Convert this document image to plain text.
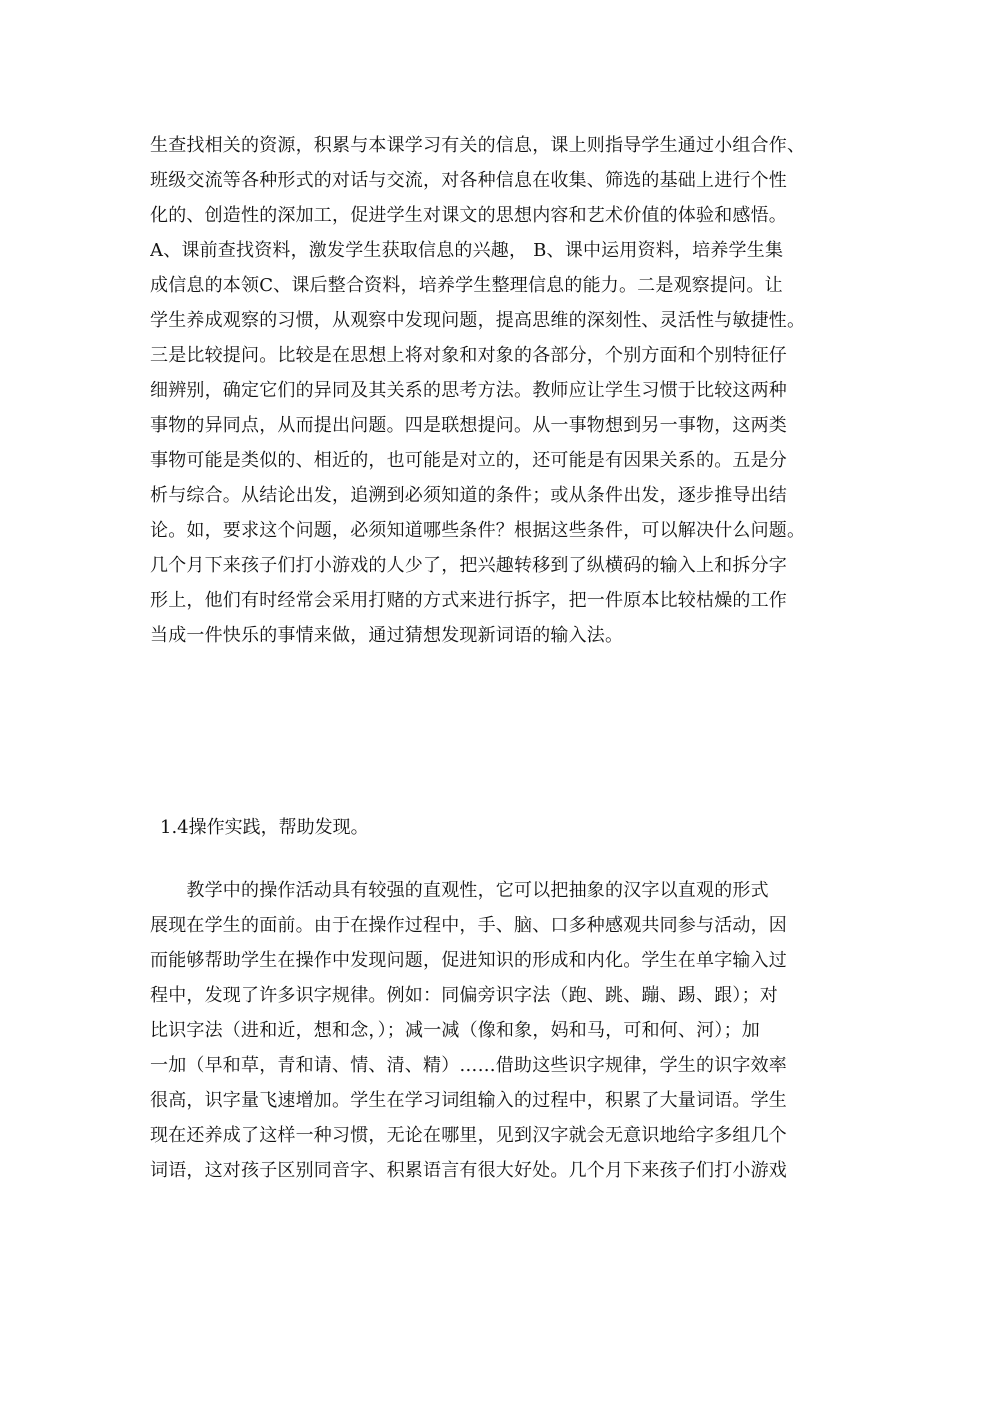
生查找相关的资源，积累与本课学习有关的信息，课上则指导学生通过小组合作、
班级交流等各种形式的对话与交流，对各种信息在收集、筛选的基础上进行个性
化的、创造性的深加工，促进学生对课文的思想内容和艺术价值的体验和感悟。
A、课前查找资料，激发学生获取信息的兴趣， B、课中运用资料，培养学生集
成信息的本领C、课后整合资料，培养学生整理信息的能力。二是观察提问。让
学生养成观察的习惯，从观察中发现问题，提高思维的深刻性、灵活性与敏捷性。
三是比较提问。比较是在思想上将对象和对象的各部分，个别方面和个别特征仔
细辨别，确定它们的异同及其关系的思考方法。教师应让学生习惯于比较这两种
事物的异同点，从而提出问题。四是联想提问。从一事物想到另一事物，这两类
事物可能是类似的、相近的，也可能是对立的，还可能是有因果关系的。五是分
析与综合。从结论出发，追溯到必须知道的条件；或从条件出发，逐步推导出结
论。如，要求这个问题，必须知道哪些条件？根据这些条件，可以解决什么问题。
几个月下来孩子们打小游戏的人少了，把兴趣转移到了纵横码的输入上和拆分字
形上，他们有时经常会采用打赌的方式来进行拆字，把一件原本比较枯燥的工作
当成一件快乐的事情来做，通过猜想发现新词语的输入法。
1.4操作实践，帮助发现。
　　教学中的操作活动具有较强的直观性，它可以把抽象的汉字以直观的形式
展现在学生的面前。由于在操作过程中，手、脑、口多种感观共同参与活动，因
而能够帮助学生在操作中发现问题，促进知识的形成和内化。学生在单字输入过
程中，发现了许多识字规律。例如：同偏旁识字法（跑、跳、蹦、踢、跟）；对
比识字法（进和近，想和念，）；减一减（像和象，妈和马，可和何、河）；加
一加（早和草，青和请、情、清、精）……借助这些识字规律，学生的识字效率
很高，识字量飞速增加。学生在学习词组输入的过程中，积累了大量词语。学生
现在还养成了这样一种习惯，无论在哪里，见到汉字就会无意识地给字多组几个
词语，这对孩子区别同音字、积累语言有很大好处。几个月下来孩子们打小游戏
